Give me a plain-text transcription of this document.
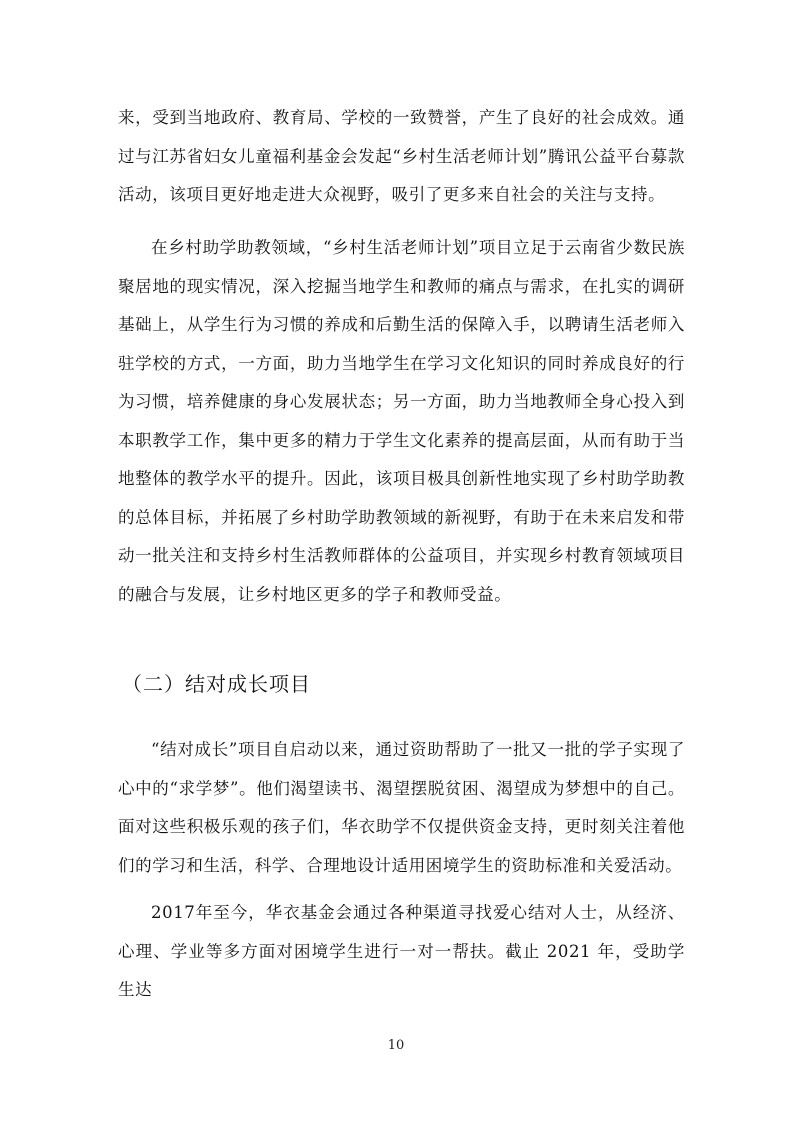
来，受到当地政府、教育局、学校的一致赞誉，产生了良好的社会成效。通过与江苏省妇女儿童福利基金会发起“乡村生活老师计划”腾讯公益平台募款活动，该项目更好地走进大众视野，吸引了更多来自社会的关注与支持。

在乡村助学助教领域，“乡村生活老师计划”项目立足于云南省少数民族聚居地的现实情况，深入挖掘当地学生和教师的痛点与需求，在扎实的调研基础上，从学生行为习惯的养成和后勤生活的保障入手，以聘请生活老师入驻学校的方式，一方面，助力当地学生在学习文化知识的同时养成良好的行为习惯，培养健康的身心发展状态；另一方面，助力当地教师全身心投入到本职教学工作，集中更多的精力于学生文化素养的提高层面，从而有助于当地整体的教学水平的提升。因此，该项目极具创新性地实现了乡村助学助教的总体目标，并拓展了乡村助学助教领域的新视野，有助于在未来启发和带动一批关注和支持乡村生活教师群体的公益项目，并实现乡村教育领域项目的融合与发展，让乡村地区更多的学子和教师受益。

（二）结对成长项目

“结对成长”项目自启动以来，通过资助帮助了一批又一批的学子实现了心中的“求学梦”。他们渴望读书、渴望摆脱贫困、渴望成为梦想中的自己。面对这些积极乐观的孩子们，华衣助学不仅提供资金支持，更时刻关注着他们的学习和生活，科学、合理地设计适用困境学生的资助标准和关爱活动。

2017年至今，华衣基金会通过各种渠道寻找爱心结对人士，从经济、心理、学业等多方面对困境学生进行一对一帮扶。截止 2021 年，受助学生达

10
